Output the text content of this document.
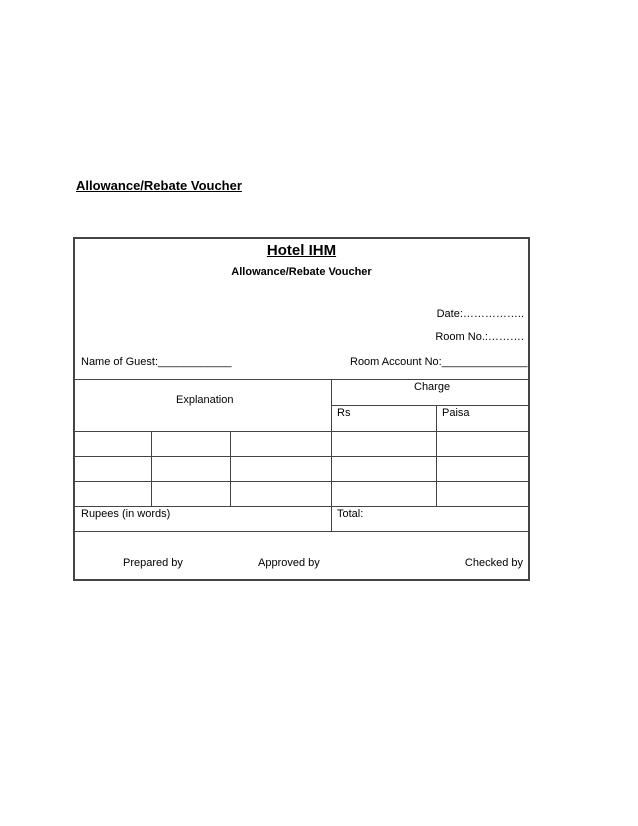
Allowance/Rebate Voucher
Hotel IHM
Allowance/Rebate Voucher
Date:……………..
Room No.:……….
Name of Guest:____________	Room Account No:______________
Explanation
Charge
Rs	Paisa
Rupees (in words)	Total:
Prepared by	Approved by	Checked by
